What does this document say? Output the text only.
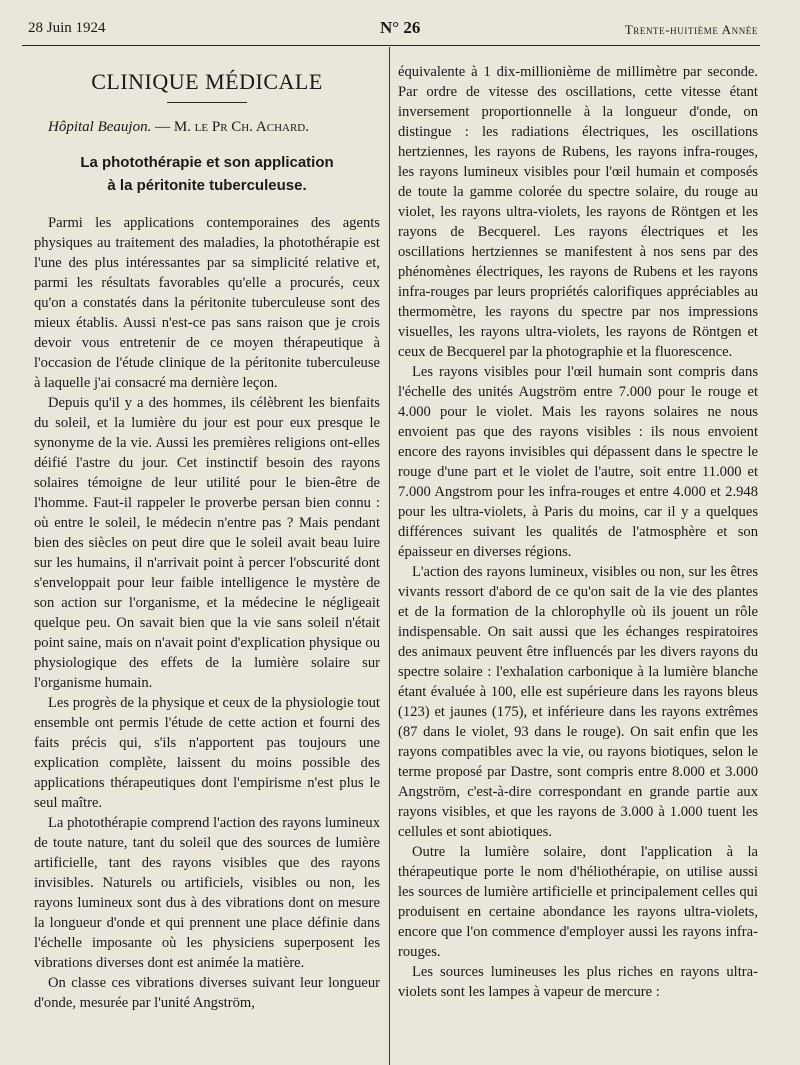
28 Juin 1924	N° 26	Trente-huitième Année
CLINIQUE MÉDICALE
Hôpital Beaujon. — M. le Pr Ch. Achard.
La photothérapie et son application
à la péritonite tuberculeuse.

Parmi les applications contemporaines des agents physiques au traitement des maladies, la photothérapie est l'une des plus intéressantes par sa simplicité relative et, parmi les résultats favorables qu'elle a procurés, ceux qu'on a constatés dans la péritonite tuberculeuse sont des mieux établis. Aussi n'est-ce pas sans raison que je crois devoir vous entretenir de ce moyen thérapeutique à l'occasion de l'étude clinique de la péritonite tuberculeuse à laquelle j'ai consacré ma dernière leçon.

Depuis qu'il y a des hommes, ils célèbrent les bienfaits du soleil, et la lumière du jour est pour eux presque le synonyme de la vie. Aussi les premières religions ont-elles déifié l'astre du jour. Cet instinctif besoin des rayons solaires témoigne de leur utilité pour le bien-être de l'homme. Faut-il rappeler le proverbe persan bien connu : où entre le soleil, le médecin n'entre pas ? Mais pendant bien des siècles on peut dire que le soleil avait beau luire sur les humains, il n'arrivait point à percer l'obscurité dont s'enveloppait pour leur faible intelligence le mystère de son action sur l'organisme, et la médecine le négligeait quelque peu. On savait bien que la vie sans soleil n'était point saine, mais on n'avait point d'explication physique ou physiologique des effets de la lumière solaire sur l'organisme humain.

Les progrès de la physique et ceux de la physiologie tout ensemble ont permis l'étude de cette action et fourni des faits précis qui, s'ils n'apportent pas toujours une explication complète, laissent du moins possible des applications thérapeutiques dont l'empirisme n'est plus le seul maître.

La photothérapie comprend l'action des rayons lumineux de toute nature, tant du soleil que des sources de lumière artificielle, tant des rayons visibles que des rayons invisibles. Naturels ou artificiels, visibles ou non, les rayons lumineux sont dus à des vibrations dont on mesure la longueur d'onde et qui prennent une place définie dans l'échelle imposante où les physiciens superposent les vibrations diverses dont est animée la matière.

On classe ces vibrations diverses suivant leur longueur d'onde, mesurée par l'unité Angström,

équivalente à 1 dix-millionième de millimètre par seconde. Par ordre de vitesse des oscillations, cette vitesse étant inversement proportionnelle à la longueur d'onde, on distingue : les radiations électriques, les oscillations hertziennes, les rayons de Rubens, les rayons infra-rouges, les rayons lumineux visibles pour l'œil humain et composés de toute la gamme colorée du spectre solaire, du rouge au violet, les rayons ultra-violets, les rayons de Röntgen et les rayons de Becquerel. Les rayons électriques et les oscillations hertziennes se manifestent à nos sens par des phénomènes électriques, les rayons de Rubens et les rayons infra-rouges par leurs propriétés calorifiques appréciables au thermomètre, les rayons du spectre par nos impressions visuelles, les rayons ultra-violets, les rayons de Röntgen et ceux de Becquerel par la photographie et la fluorescence.

Les rayons visibles pour l'œil humain sont compris dans l'échelle des unités Augström entre 7.000 pour le rouge et 4.000 pour le violet. Mais les rayons solaires ne nous envoient pas que des rayons visibles : ils nous envoient encore des rayons invisibles qui dépassent dans le spectre le rouge d'une part et le violet de l'autre, soit entre 11.000 et 7.000 Angstrom pour les infra-rouges et entre 4.000 et 2.948 pour les ultra-violets, à Paris du moins, car il y a quelques différences suivant les qualités de l'atmosphère et son épaisseur en diverses régions.

L'action des rayons lumineux, visibles ou non, sur les êtres vivants ressort d'abord de ce qu'on sait de la vie des plantes et de la formation de la chlorophylle où ils jouent un rôle indispensable. On sait aussi que les échanges respiratoires des animaux peuvent être influencés par les divers rayons du spectre solaire : l'exhalation carbonique à la lumière blanche étant évaluée à 100, elle est supérieure dans les rayons bleus (123) et jaunes (175), et inférieure dans les rayons extrêmes (87 dans le violet, 93 dans le rouge). On sait enfin que les rayons compatibles avec la vie, ou rayons biotiques, selon le terme proposé par Dastre, sont compris entre 8.000 et 3.000 Angström, c'est-à-dire correspondant en grande partie aux rayons visibles, et que les rayons de 3.000 à 1.000 tuent les cellules et sont abiotiques.

Outre la lumière solaire, dont l'application à la thérapeutique porte le nom d'héliothérapie, on utilise aussi les sources de lumière artificielle et principalement celles qui produisent en certaine abondance les rayons ultra-violets, encore que l'on commence d'employer aussi les rayons infra-rouges.

Les sources lumineuses les plus riches en rayons ultra-violets sont les lampes à vapeur de mercure :
